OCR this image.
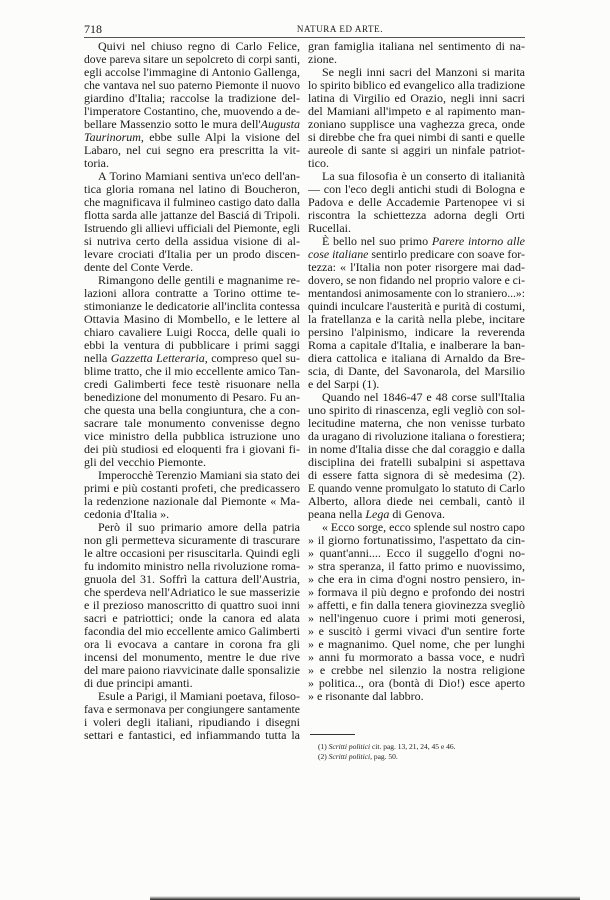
718	NATURA ED ARTE.
Quivi nel chiuso regno di Carlo Felice,
dove pareva sitare un sepolcreto di corpi santi,
egli accolse l'immagine di Antonio Gallenga,
che vantava nel suo paterno Piemonte il nuovo
giardino d'Italia; raccolse la tradizione del-
l'imperatore Costantino, che, muovendo a de-
bellare Massenzio sotto le mura dell'Augusta
Taurinorum, ebbe sulle Alpi la visione del
Labaro, nel cui segno era prescritta la vit-
toria.
A Torino Mamiani sentiva un'eco dell'an-
tica gloria romana nel latino di Boucheron,
che magnificava il fulmineo castigo dato dalla
flotta sarda alle jattanze del Basciá di Tripoli.
Istruendo gli allievi ufficiali del Piemonte, egli
si nutriva certo della assidua visione di al-
levare crociati d'Italia per un prodo discen-
dente del Conte Verde.
Rimangono delle gentili e magnanime re-
lazioni allora contratte a Torino ottime te-
stimonianze le dedicatorie all'inclita contessa
Ottavia Masino di Mombello, e le lettere al
chiaro cavaliere Luigi Rocca, delle quali io
ebbi la ventura di pubblicare i primi saggi
nella Gazzetta Letteraria, compreso quel su-
blime tratto, che il mio eccellente amico Tan-
credi Galimberti fece testè risuonare nella
benedizione del monumento di Pesaro. Fu an-
che questa una bella congiuntura, che a con-
sacrare tale monumento convenisse degno
vice ministro della pubblica istruzione uno
dei più studiosi ed eloquenti fra i giovani fi-
gli del vecchio Piemonte.
Imperocchè Terenzio Mamiani sia stato dei
primi e più costanti profeti, che predicassero
la redenzione nazionale dal Piemonte « Ma-
cedonia d'Italia ».
Però il suo primario amore della patria
non gli permetteva sicuramente di trascurare
le altre occasioni per risuscitarla. Quindi egli
fu indomito ministro nella rivoluzione roma-
gnuola del 31. Soffrì la cattura dell'Austria,
che sperdeva nell'Adriatico le sue masserizie
e il prezioso manoscritto di quattro suoi inni
sacri e patriottici; onde la canora ed alata
facondia del mio eccellente amico Galimberti
ora li evocava a cantare in corona fra gli
incensi del monumento, mentre le due rive
del mare paiono riavvicinate dalle sponsalizie
di due principi amanti.
Esule a Parigi, il Mamiani poetava, filoso-
fava e sermonava per congiungere santamente
i voleri degli italiani, ripudiando i disegni
settari e fantastici, ed infiammando tutta la
gran famiglia italiana nel sentimento di na-
zione.
Se negli inni sacri del Manzoni si marita
lo spirito biblico ed evangelico alla tradizione
latina di Virgilio ed Orazio, negli inni sacri
del Mamiani all'impeto e al rapimento man-
zoniano supplisce una vaghezza greca, onde
si direbbe che fra quei nimbi di santi e quelle
aureole di sante si aggiri un ninfale patriot-
tico.
La sua filosofia è un conserto di italianità
— con l'eco degli antichi studi di Bologna e
Padova e delle Accademie Partenopee vi si
riscontra la schiettezza adorna degli Orti
Rucellai.
È bello nel suo primo Parere intorno alle
cose italiane sentirlo predicare con soave for-
tezza: « l'Italia non poter risorgere mai dad-
dovero, se non fidando nel proprio valore e ci-
mentandosi animosamente con lo straniero...»:
quindi inculcare l'austerità e purità di costumi,
la fratellanza e la carità nella plebe, incitare
persino l'alpinismo, indicare la reverenda
Roma a capitale d'Italia, e inalberare la ban-
diera cattolica e italiana di Arnaldo da Bre-
scia, di Dante, del Savonarola, del Marsilio
e del Sarpi (1).
Quando nel 1846-47 e 48 corse sull'Italia
uno spirito di rinascenza, egli vegliò con sol-
lecitudine materna, che non venisse turbato
da uragano di rivoluzione italiana o forestiera;
in nome d'Italia disse che dal coraggio e dalla
disciplina dei fratelli subalpini si aspettava
di essere fatta signora di sè medesima (2).
E quando venne promulgato lo statuto di Carlo
Alberto, allora diede nei cembali, cantò il
peana nella Lega di Genova.
« Ecco sorge, ecco splende sul nostro capo
» il giorno fortunatissimo, l'aspettato da cin-
» quant'anni.... Ecco il suggello d'ogni no-
» stra speranza, il fatto primo e nuovissimo,
» che era in cima d'ogni nostro pensiero, in-
» formava il più degno e profondo dei nostri
» affetti, e fin dalla tenera giovinezza svegliò
» nell'ingenuo cuore i primi moti generosi,
» e suscitò i germi vivaci d'un sentire forte
» e magnanimo. Quel nome, che per lunghi
» anni fu mormorato a bassa voce, e nudrì
» e crebbe nel silenzio la nostra religione
» politica.., ora (bontà di Dio!) esce aperto
» e risonante dal labbro.
(1) Scritti politici cit. pag. 13, 21, 24, 45 e 46.
(2) Scritti politici, pag. 50.
